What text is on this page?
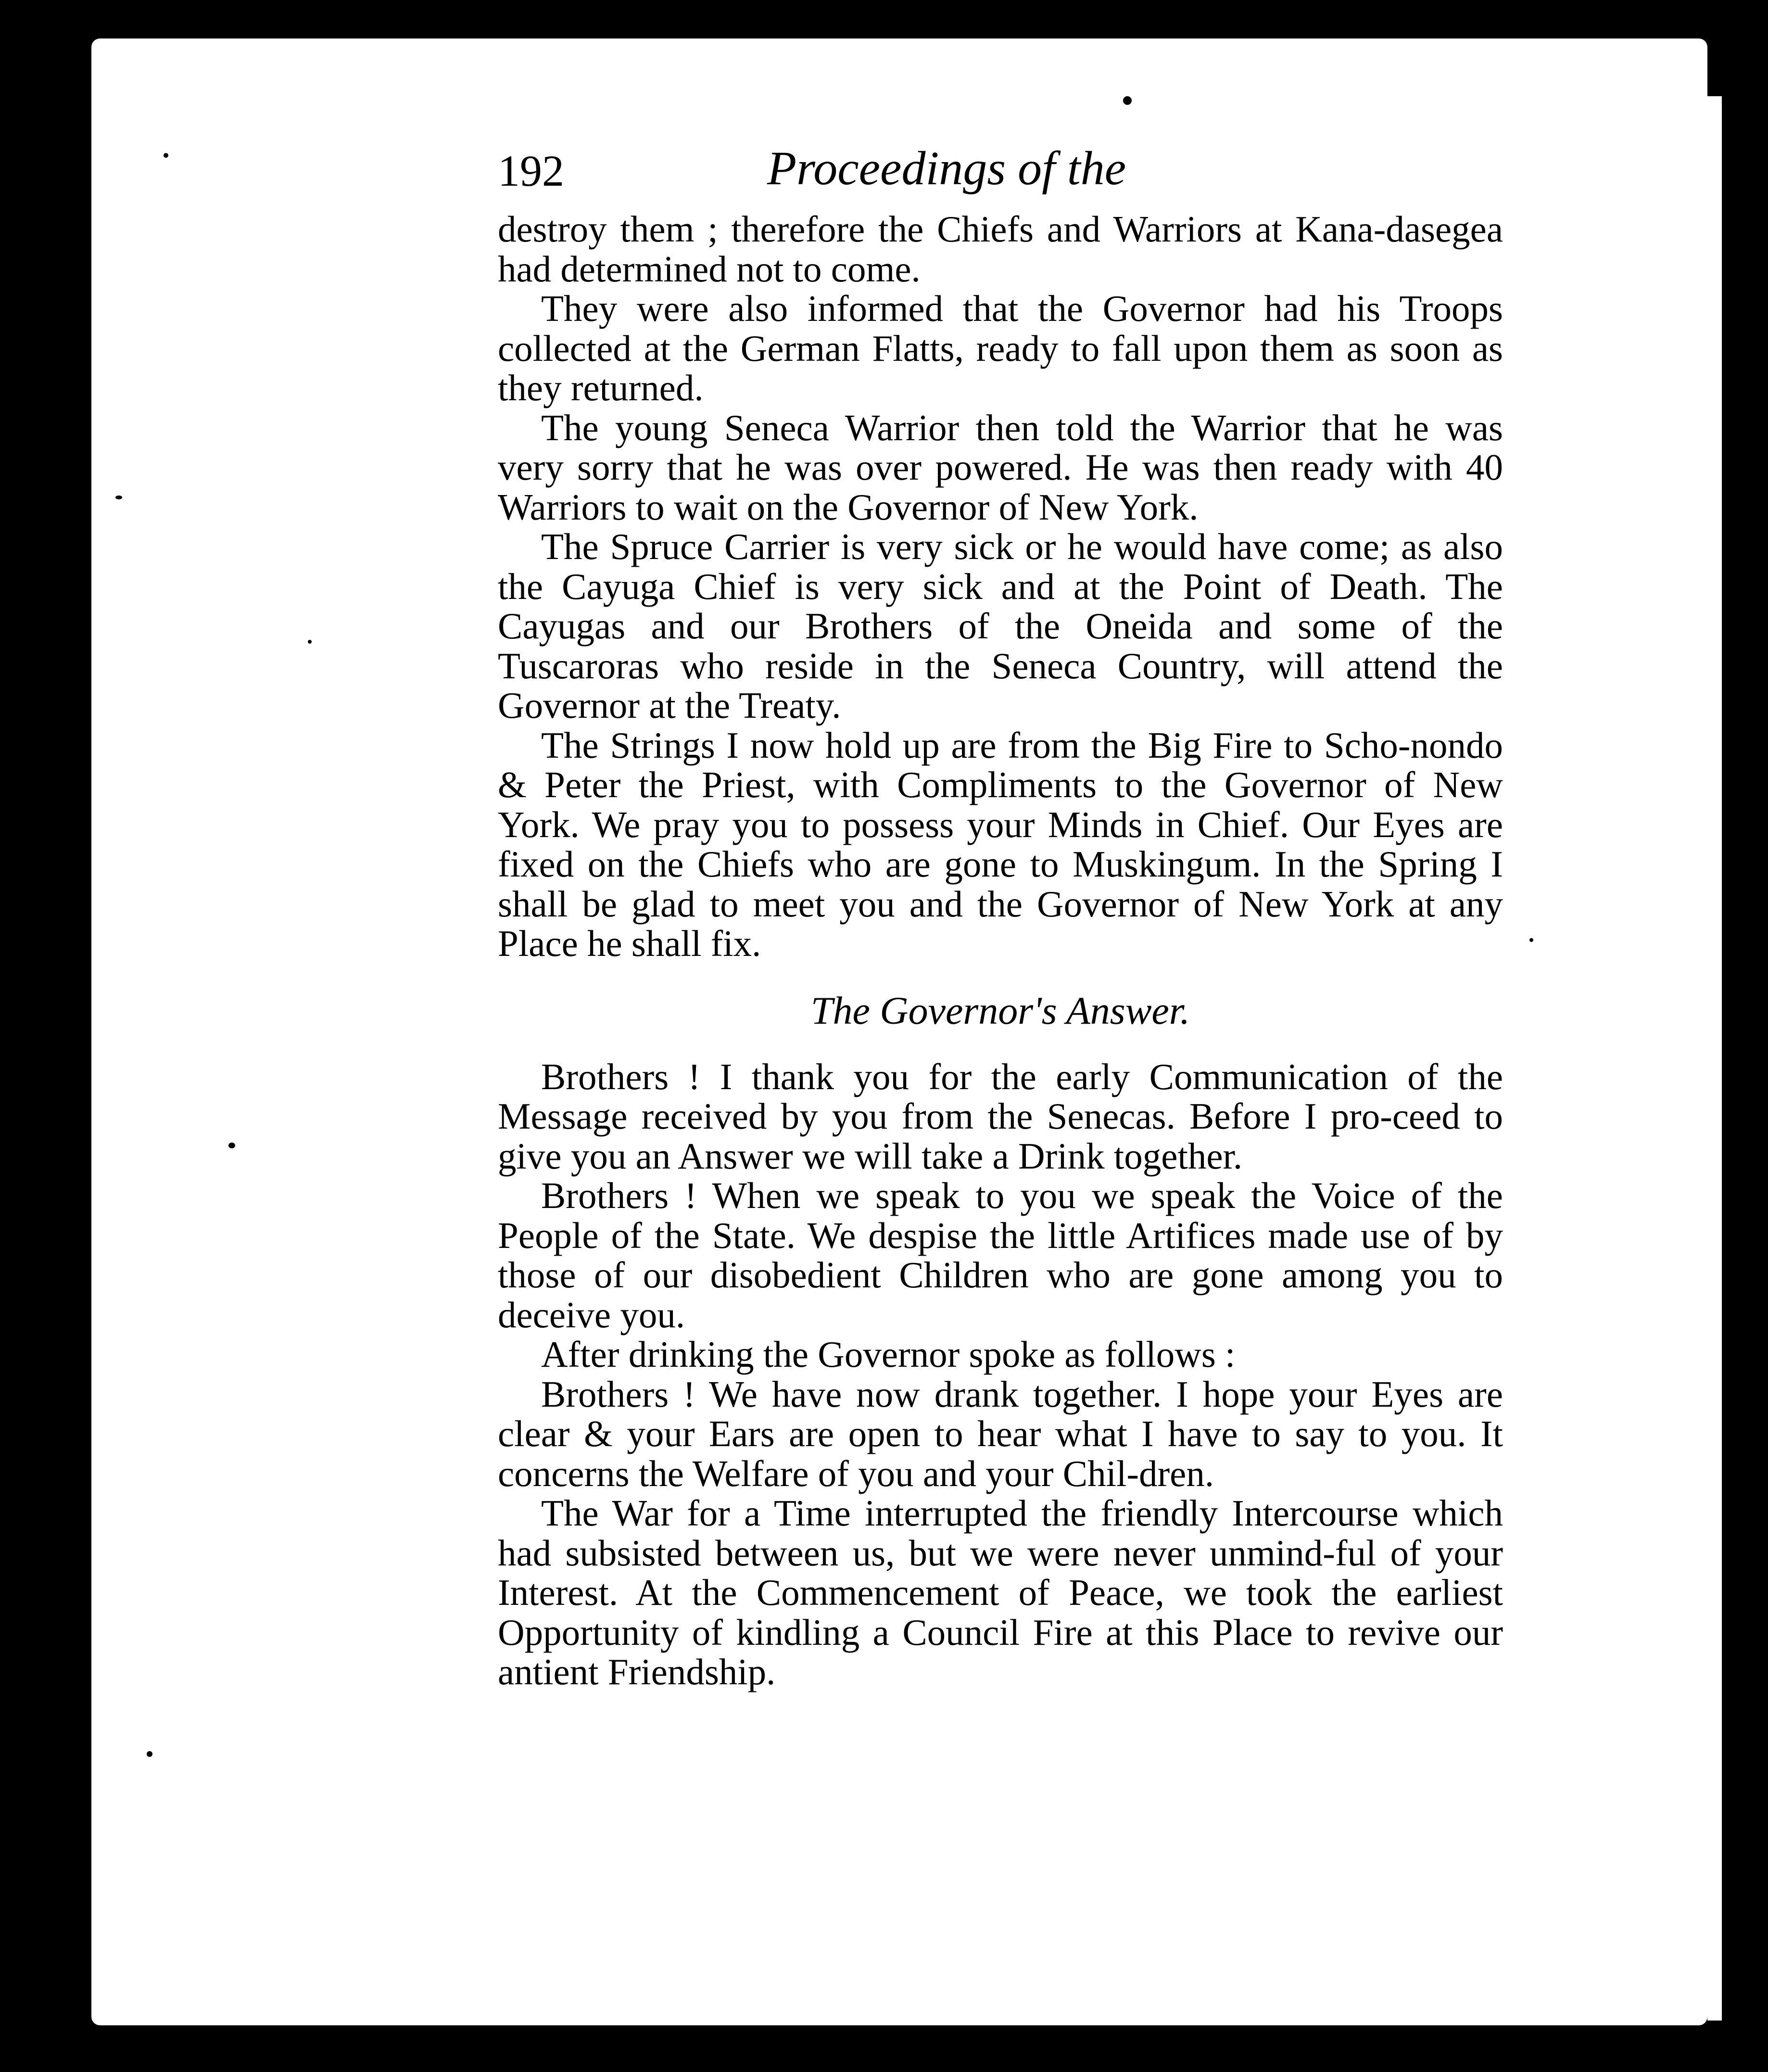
192	Proceedings of the

destroy them ; therefore the Chiefs and Warriors at Kana-dasegea had determined not to come.

They were also informed that the Governor had his Troops collected at the German Flatts, ready to fall upon them as soon as they returned.

The young Seneca Warrior then told the Warrior that he was very sorry that he was over powered. He was then ready with 40 Warriors to wait on the Governor of New York.

The Spruce Carrier is very sick or he would have come; as also the Cayuga Chief is very sick and at the Point of Death. The Cayugas and our Brothers of the Oneida and some of the Tuscaroras who reside in the Seneca Country, will attend the Governor at the Treaty.

The Strings I now hold up are from the Big Fire to Scho-nondo & Peter the Priest, with Compliments to the Governor of New York. We pray you to possess your Minds in Chief. Our Eyes are fixed on the Chiefs who are gone to Muskingum. In the Spring I shall be glad to meet you and the Governor of New York at any Place he shall fix.

The Governor's Answer.

Brothers ! I thank you for the early Communication of the Message received by you from the Senecas. Before I pro-ceed to give you an Answer we will take a Drink together.

Brothers ! When we speak to you we speak the Voice of the People of the State. We despise the little Artifices made use of by those of our disobedient Children who are gone among you to deceive you.

After drinking the Governor spoke as follows :

Brothers ! We have now drank together. I hope your Eyes are clear & your Ears are open to hear what I have to say to you. It concerns the Welfare of you and your Chil-dren.

The War for a Time interrupted the friendly Intercourse which had subsisted between us, but we were never unmind-ful of your Interest. At the Commencement of Peace, we took the earliest Opportunity of kindling a Council Fire at this Place to revive our antient Friendship.
